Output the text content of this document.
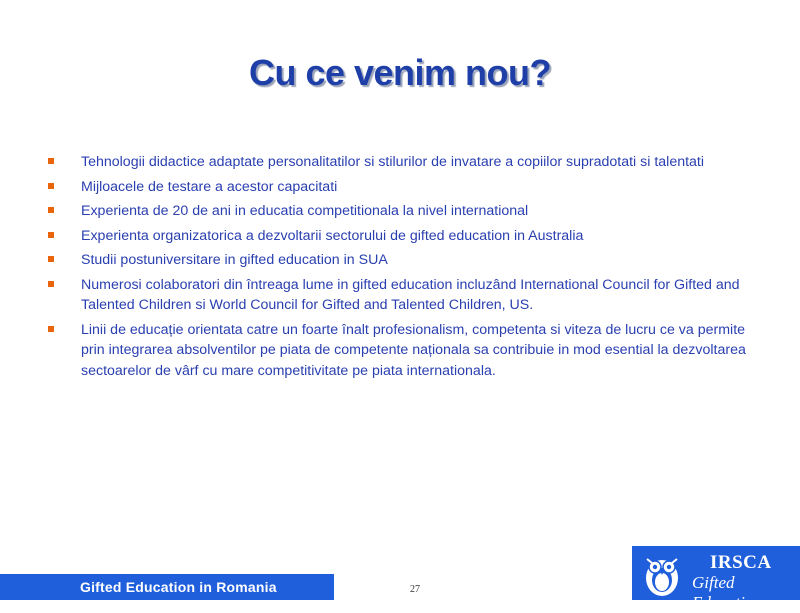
Cu ce venim nou?
Tehnologii didactice adaptate personalitatilor si stilurilor de invatare a copiilor supradotati si talentati
Mijloacele de testare a acestor capacitati
Experienta de 20 de ani in educatia competitionala la nivel international
Experienta organizatorica a dezvoltarii sectorului de gifted education in Australia
Studii postuniversitare in gifted education in SUA
Numerosi colaboratori din întreaga lume in gifted education incluzând International Council for Gifted and Talented Children si World Council for Gifted and Talented Children, US.
Linii de educație orientata catre un foarte înalt profesionalism, competenta si viteza de lucru ce va permite prin integrarea absolventilor pe piata de competente naționala sa contribuie in mod esential la dezvoltarea sectoarelor de vârf cu mare competitivitate pe piata internationala.
Gifted Education in Romania	27
IRSCA
Gifted Education
